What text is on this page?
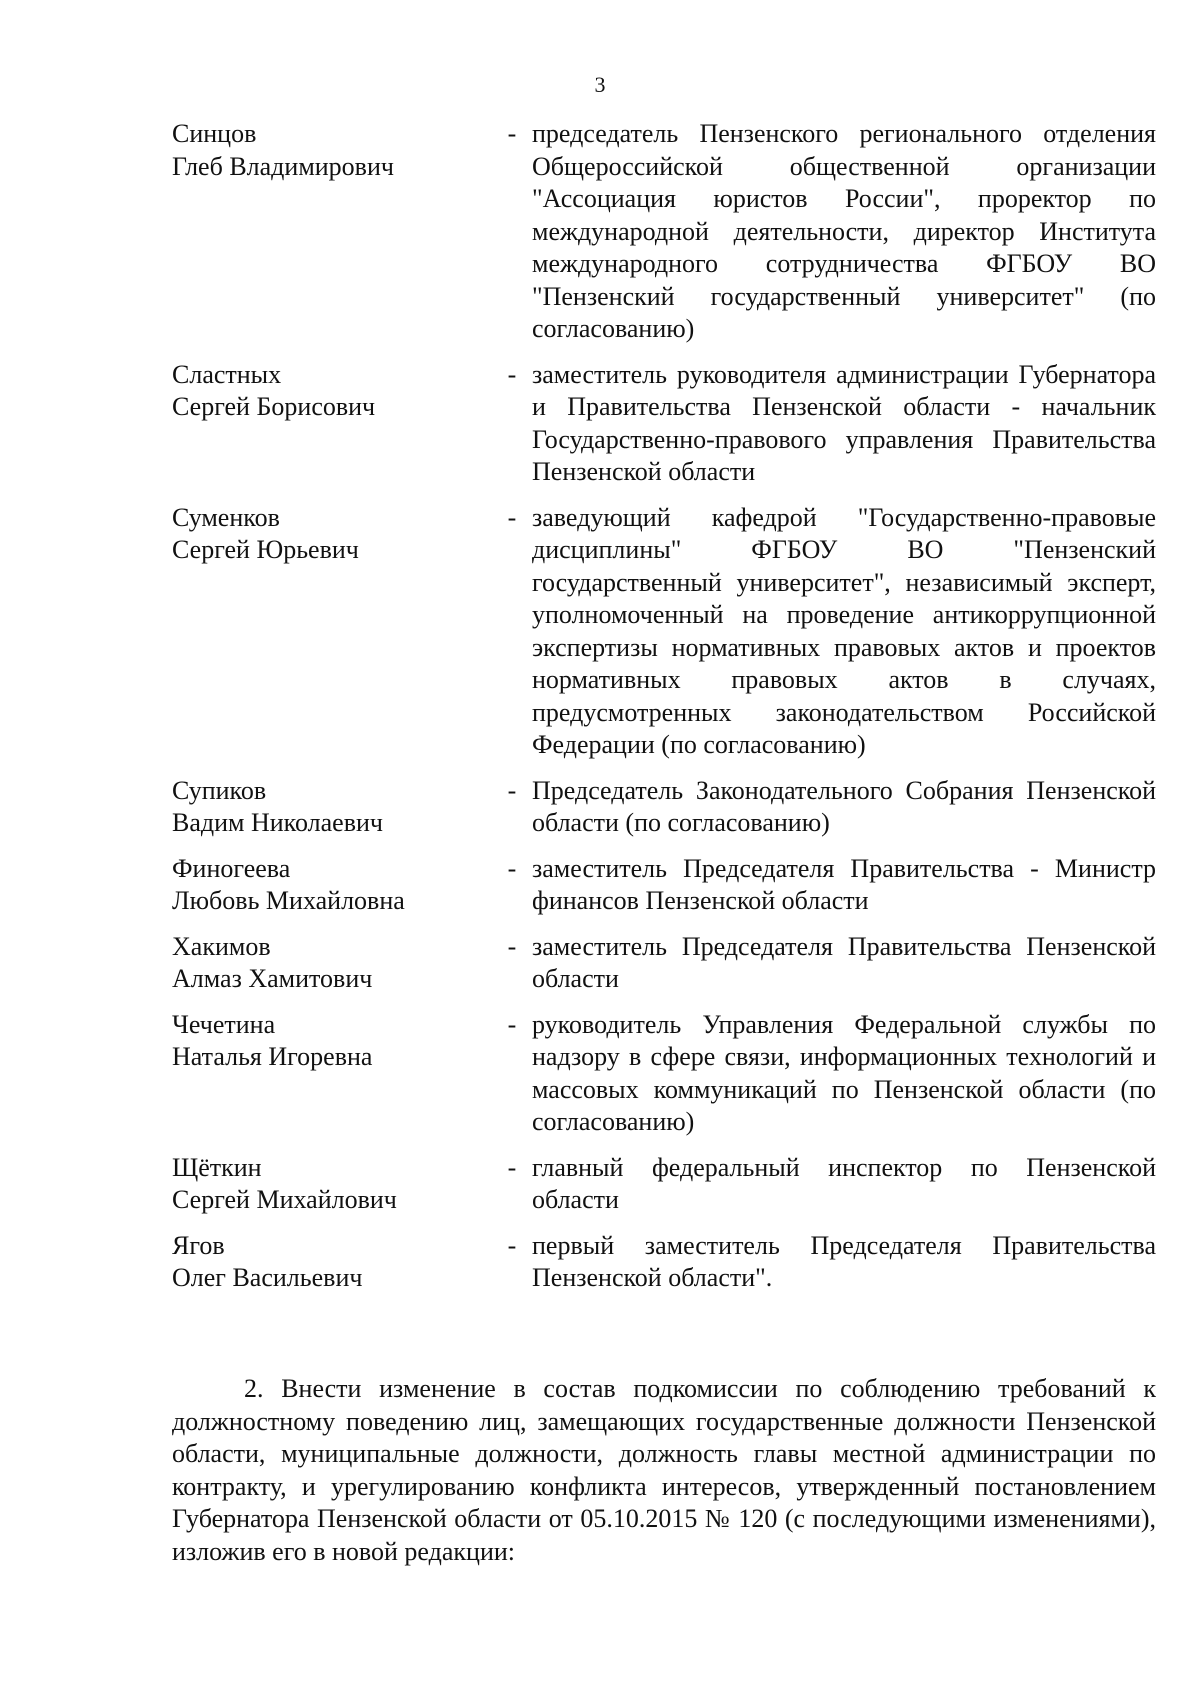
3
Синцов
Глеб Владимирович
- председатель Пензенского регионального отделения Общероссийской общественной организации "Ассоциация юристов России", проректор по международной деятельности, директор Института международного сотрудничества ФГБОУ ВО "Пензенский государственный университет" (по согласованию)
Сластных
Сергей Борисович
- заместитель руководителя администрации Губернатора и Правительства Пензенской области - начальник Государственно-правового управления Правительства Пензенской области
Суменков
Сергей Юрьевич
- заведующий кафедрой "Государственно-правовые дисциплины" ФГБОУ ВО "Пензенский государственный университет", независимый эксперт, уполномоченный на проведение антикоррупционной экспертизы нормативных правовых актов и проектов нормативных правовых актов в случаях, предусмотренных законодательством Российской Федерации (по согласованию)
Супиков
Вадим Николаевич
- Председатель Законодательного Собрания Пензенской области (по согласованию)
Финогеева
Любовь Михайловна
- заместитель Председателя Правительства - Министр финансов Пензенской области
Хакимов
Алмаз Хамитович
- заместитель Председателя Правительства Пензенской области
Чечетина
Наталья Игоревна
- руководитель Управления Федеральной службы по надзору в сфере связи, информационных технологий и массовых коммуникаций по Пензенской области (по согласованию)
Щёткин
Сергей Михайлович
- главный федеральный инспектор по Пензенской области
Ягов
Олег Васильевич
- первый заместитель Председателя Правительства Пензенской области".
2. Внести изменение в состав подкомиссии по соблюдению требований к должностному поведению лиц, замещающих государственные должности Пензенской области, муниципальные должности, должность главы местной администрации по контракту, и урегулированию конфликта интересов, утвержденный постановлением Губернатора Пензенской области от 05.10.2015 № 120 (с последующими изменениями), изложив его в новой редакции:
